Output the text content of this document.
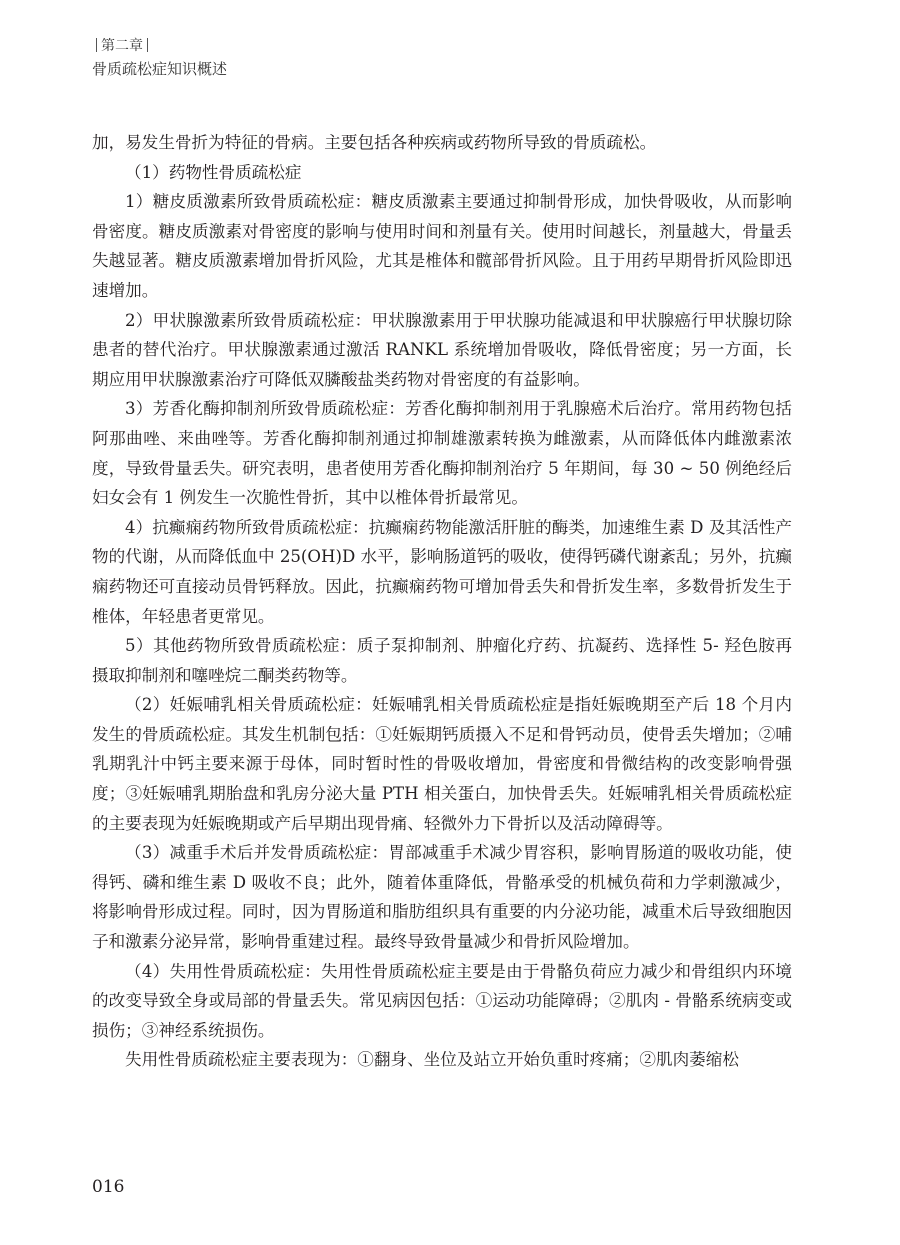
第二章
骨质疏松症知识概述

加，易发生骨折为特征的骨病。主要包括各种疾病或药物所导致的骨质疏松。

（1）药物性骨质疏松症

1）糖皮质激素所致骨质疏松症：糖皮质激素主要通过抑制骨形成，加快骨吸收，从而影响骨密度。糖皮质激素对骨密度的影响与使用时间和剂量有关。使用时间越长，剂量越大，骨量丢失越显著。糖皮质激素增加骨折风险，尤其是椎体和髋部骨折风险。且于用药早期骨折风险即迅速增加。

2）甲状腺激素所致骨质疏松症：甲状腺激素用于甲状腺功能减退和甲状腺癌行甲状腺切除患者的替代治疗。甲状腺激素通过激活 RANKL 系统增加骨吸收，降低骨密度；另一方面，长期应用甲状腺激素治疗可降低双膦酸盐类药物对骨密度的有益影响。

3）芳香化酶抑制剂所致骨质疏松症：芳香化酶抑制剂用于乳腺癌术后治疗。常用药物包括阿那曲唑、来曲唑等。芳香化酶抑制剂通过抑制雄激素转换为雌激素，从而降低体内雌激素浓度，导致骨量丢失。研究表明，患者使用芳香化酶抑制剂治疗 5 年期间，每 30 ~ 50 例绝经后妇女会有 1 例发生一次脆性骨折，其中以椎体骨折最常见。

4）抗癫痫药物所致骨质疏松症：抗癫痫药物能激活肝脏的酶类，加速维生素 D 及其活性产物的代谢，从而降低血中 25(OH)D 水平，影响肠道钙的吸收，使得钙磷代谢紊乱；另外，抗癫痫药物还可直接动员骨钙释放。因此，抗癫痫药物可增加骨丢失和骨折发生率，多数骨折发生于椎体，年轻患者更常见。

5）其他药物所致骨质疏松症：质子泵抑制剂、肿瘤化疗药、抗凝药、选择性 5- 羟色胺再摄取抑制剂和噻唑烷二酮类药物等。

（2）妊娠哺乳相关骨质疏松症：妊娠哺乳相关骨质疏松症是指妊娠晚期至产后 18 个月内发生的骨质疏松症。其发生机制包括：①妊娠期钙质摄入不足和骨钙动员，使骨丢失增加；②哺乳期乳汁中钙主要来源于母体，同时暂时性的骨吸收增加，骨密度和骨微结构的改变影响骨强度；③妊娠哺乳期胎盘和乳房分泌大量 PTH 相关蛋白，加快骨丢失。妊娠哺乳相关骨质疏松症的主要表现为妊娠晚期或产后早期出现骨痛、轻微外力下骨折以及活动障碍等。

（3）减重手术后并发骨质疏松症：胃部减重手术减少胃容积，影响胃肠道的吸收功能，使得钙、磷和维生素 D 吸收不良；此外，随着体重降低，骨骼承受的机械负荷和力学刺激减少，将影响骨形成过程。同时，因为胃肠道和脂肪组织具有重要的内分泌功能，减重术后导致细胞因子和激素分泌异常，影响骨重建过程。最终导致骨量减少和骨折风险增加。

（4）失用性骨质疏松症：失用性骨质疏松症主要是由于骨骼负荷应力减少和骨组织内环境的改变导致全身或局部的骨量丢失。常见病因包括：①运动功能障碍；②肌肉 - 骨骼系统病变或损伤；③神经系统损伤。

失用性骨质疏松症主要表现为：①翻身、坐位及站立开始负重时疼痛；②肌肉萎缩松

016
